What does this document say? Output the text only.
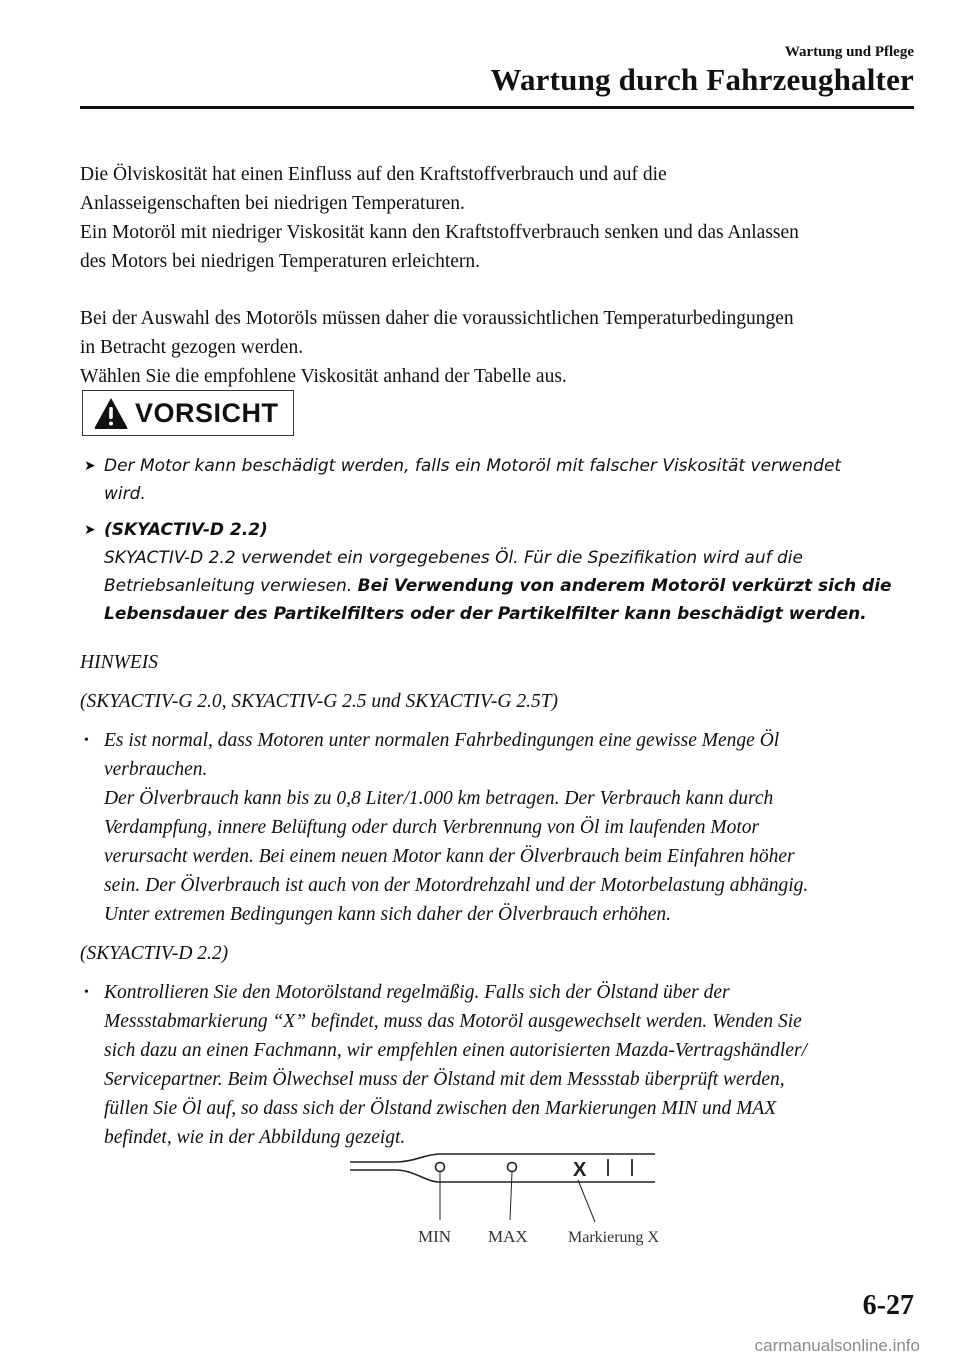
Wartung und Pflege
Wartung durch Fahrzeughalter

Die Ölviskosität hat einen Einfluss auf den Kraftstoffverbrauch und auf die

Anlasseigenschaften bei niedrigen Temperaturen.

Ein Motoröl mit niedriger Viskosität kann den Kraftstoffverbrauch senken und das Anlassen

des Motors bei niedrigen Temperaturen erleichtern.

Bei der Auswahl des Motoröls müssen daher die voraussichtlichen Temperaturbedingungen

in Betracht gezogen werden.

Wählen Sie die empfohlene Viskosität anhand der Tabelle aus.

VORSICHT
➤ Der Motor kann beschädigt werden, falls ein Motoröl mit falscher Viskosität verwendet
wird.
➤ (SKYACTIV-D 2.2)
SKYACTIV-D 2.2 verwendet ein vorgegebenes Öl. Für die Spezifikation wird auf die
Betriebsanleitung verwiesen. Bei Verwendung von anderem Motoröl verkürzt sich die
Lebensdauer des Partikelfilters oder der Partikelfilter kann beschädigt werden.

HINWEIS

(SKYACTIV-G 2.0, SKYACTIV-G 2.5 und SKYACTIV-G 2.5T)

• Es ist normal, dass Motoren unter normalen Fahrbedingungen eine gewisse Menge Öl
verbrauchen.
Der Ölverbrauch kann bis zu 0,8 Liter/1.000 km betragen. Der Verbrauch kann durch
Verdampfung, innere Belüftung oder durch Verbrennung von Öl im laufenden Motor
verursacht werden. Bei einem neuen Motor kann der Ölverbrauch beim Einfahren höher
sein. Der Ölverbrauch ist auch von der Motordrehzahl und der Motorbelastung abhängig.
Unter extremen Bedingungen kann sich daher der Ölverbrauch erhöhen.

(SKYACTIV-D 2.2)

• Kontrollieren Sie den Motorölstand regelmäßig. Falls sich der Ölstand über der
Messstabmarkierung “X” befindet, muss das Motoröl ausgewechselt werden. Wenden Sie
sich dazu an einen Fachmann, wir empfehlen einen autorisierten Mazda-Vertragshändler/
Servicepartner. Beim Ölwechsel muss der Ölstand mit dem Messstab überprüft werden,
füllen Sie Öl auf, so dass sich der Ölstand zwischen den Markierungen MIN und MAX
befindet, wie in der Abbildung gezeigt.
X
MIN MAX	Markierung X
6-27
carmanualsonline.info
